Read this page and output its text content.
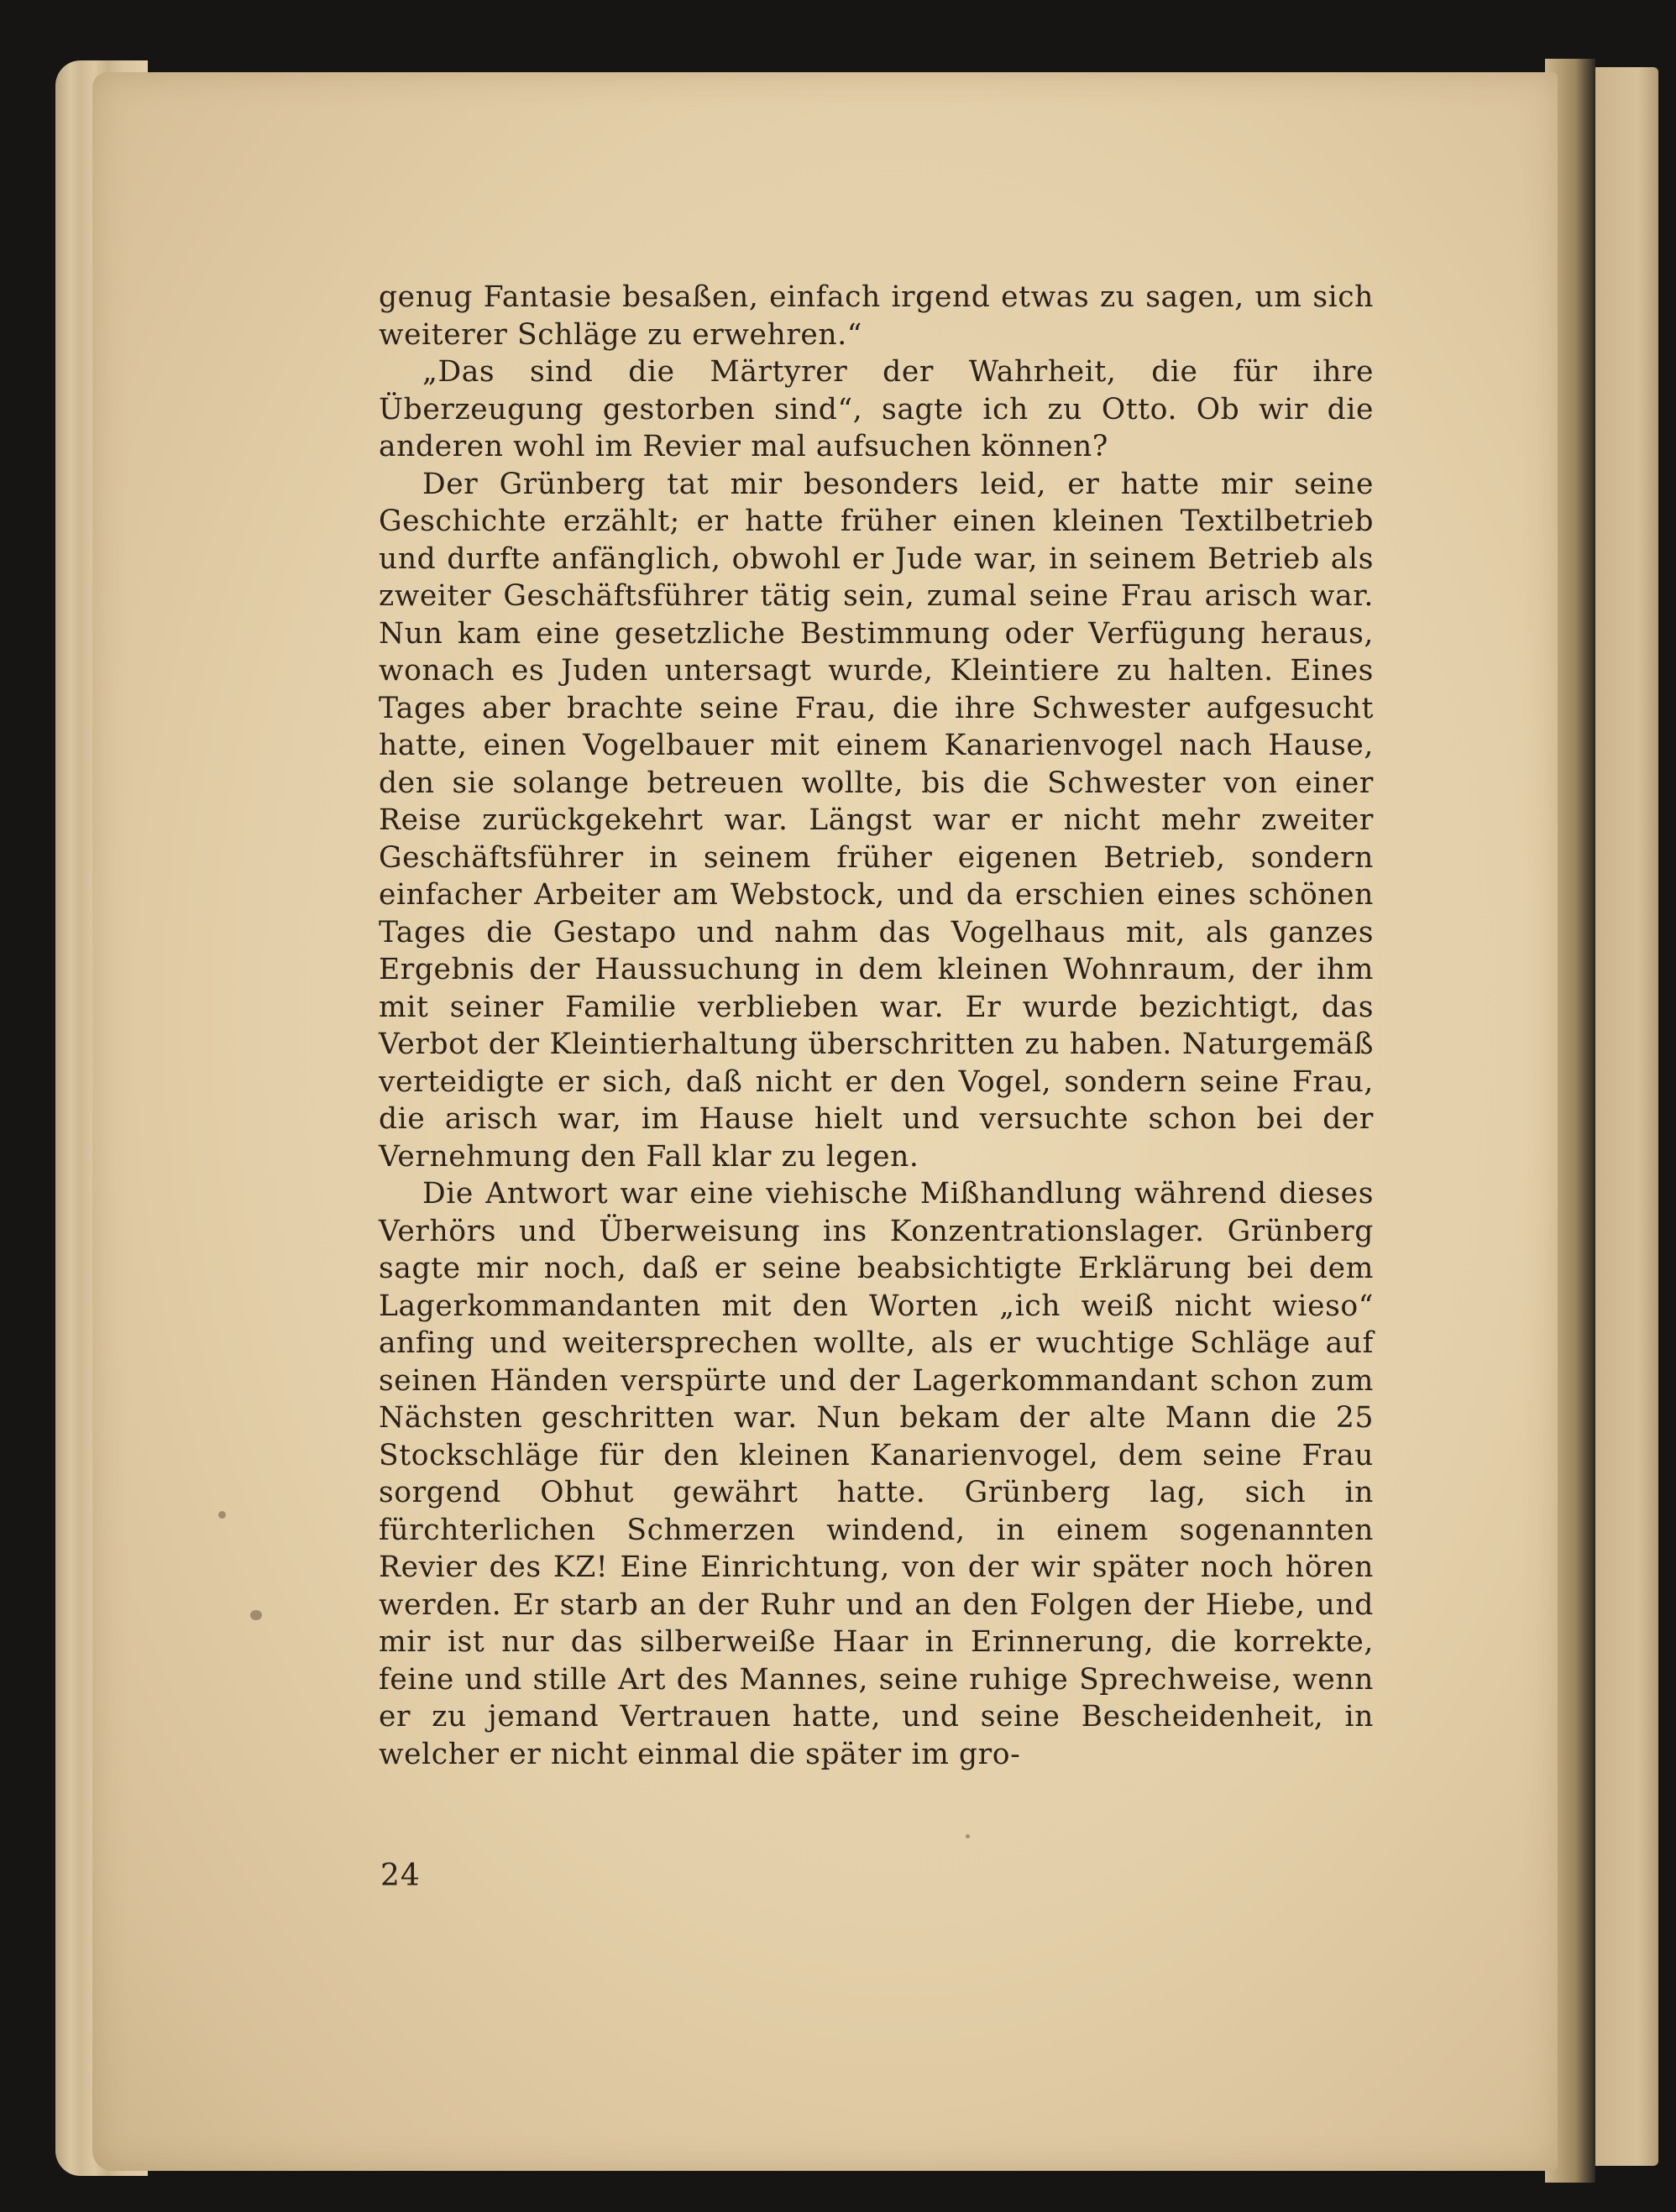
genug Fantasie besaßen, einfach irgend etwas zu sagen, um sich weiterer Schläge zu erwehren.“

„Das sind die Märtyrer der Wahrheit, die für ihre Überzeugung gestorben sind“, sagte ich zu Otto. Ob wir die anderen wohl im Revier mal aufsuchen können?

Der Grünberg tat mir besonders leid, er hatte mir seine Geschichte erzählt; er hatte früher einen kleinen Textilbetrieb und durfte anfänglich, obwohl er Jude war, in seinem Betrieb als zweiter Geschäftsführer tätig sein, zumal seine Frau arisch war. Nun kam eine gesetzliche Bestimmung oder Verfügung heraus, wonach es Juden untersagt wurde, Kleintiere zu halten. Eines Tages aber brachte seine Frau, die ihre Schwester aufgesucht hatte, einen Vogelbauer mit einem Kanarienvogel nach Hause, den sie solange betreuen wollte, bis die Schwester von einer Reise zurückgekehrt war. Längst war er nicht mehr zweiter Geschäftsführer in seinem früher eigenen Betrieb, sondern einfacher Arbeiter am Webstock, und da erschien eines schönen Tages die Gestapo und nahm das Vogelhaus mit, als ganzes Ergebnis der Haussuchung in dem kleinen Wohnraum, der ihm mit seiner Familie verblieben war. Er wurde bezichtigt, das Verbot der Kleintierhaltung überschritten zu haben. Naturgemäß verteidigte er sich, daß nicht er den Vogel, sondern seine Frau, die arisch war, im Hause hielt und versuchte schon bei der Vernehmung den Fall klar zu legen.

Die Antwort war eine viehische Mißhandlung während dieses Verhörs und Überweisung ins Konzentrationslager. Grünberg sagte mir noch, daß er seine beabsichtigte Erklärung bei dem Lagerkommandanten mit den Worten „ich weiß nicht wieso“ anfing und weitersprechen wollte, als er wuchtige Schläge auf seinen Händen verspürte und der Lagerkommandant schon zum Nächsten geschritten war. Nun bekam der alte Mann die 25 Stockschläge für den kleinen Kanarienvogel, dem seine Frau sorgend Obhut gewährt hatte. Grünberg lag, sich in fürchterlichen Schmerzen windend, in einem sogenannten Revier des KZ! Eine Einrichtung, von der wir später noch hören werden. Er starb an der Ruhr und an den Folgen der Hiebe, und mir ist nur das silberweiße Haar in Erinnerung, die korrekte, feine und stille Art des Mannes, seine ruhige Sprechweise, wenn er zu jemand Vertrauen hatte, und seine Bescheidenheit, in welcher er nicht einmal die später im gro-

24
